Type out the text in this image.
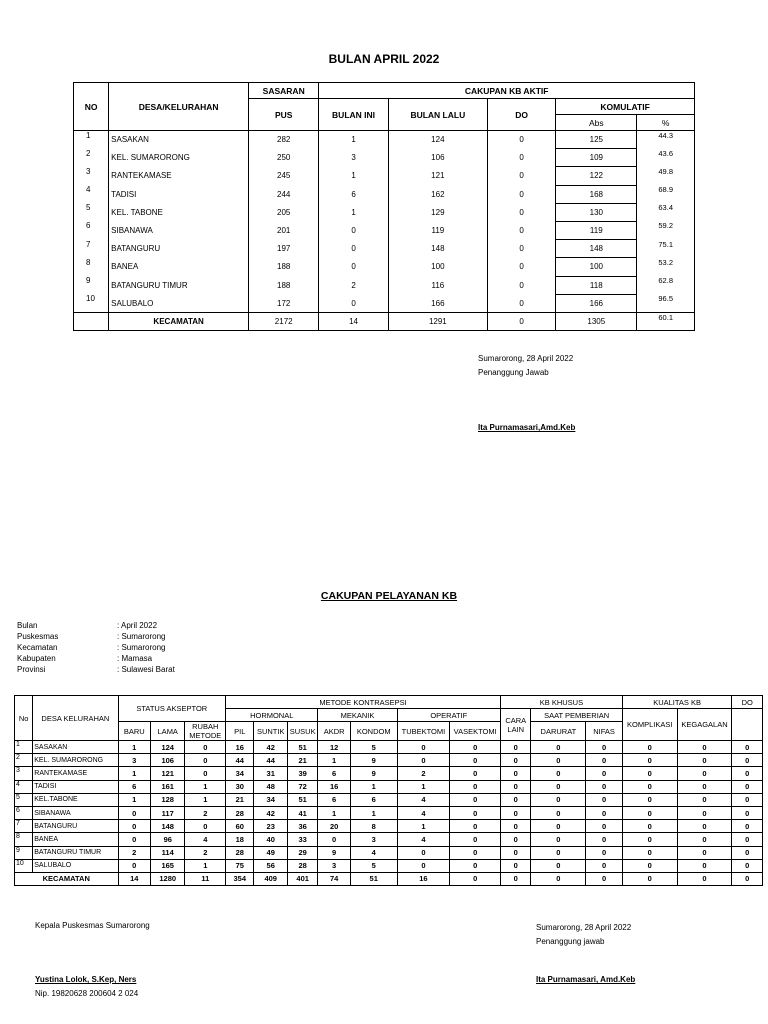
BULAN APRIL 2022
NO	DESA/KELURAHAN	SASARAN	CAKUPAN KB AKTIF				
		PUS	BULAN INI	BULAN LALU	DO	KOMULATIF	
						Abs	%
1	SASAKAN	282	1	124	0	125	44.3
2	KEL. SUMARORONG	250	3	106	0	109	43.6
3	RANTEKAMASE	245	1	121	0	122	49.8
4	TADISI	244	6	162	0	168	68.9
5	KEL. TABONE	205	1	129	0	130	63.4
6	SIBANAWA	201	0	119	0	119	59.2
7	BATANGURU	197	0	148	0	148	75.1
8	BANEA	188	0	100	0	100	53.2
9	BATANGURU TIMUR	188	2	116	0	118	62.8
10	SALUBALO	172	0	166	0	166	96.5
	KECAMATAN	2172	14	1291	0	1305	60.1
Sumarorong, 28 April 2022
Penanggung Jawab
Ita Purnamasari,Amd.Keb
CAKUPAN PELAYANAN KB
Bulan	: April 2022
Puskesmas	: Sumarorong
Kecamatan	: Sumarorong
Kabupaten	: Mamasa
Provinsi	: Sulawesi Barat
No	DESA KELURAHAN	STATUS AKSEPTOR			METODE KONTRASEPSI							KB KHUSUS			KUALITAS KB		DO
					HORMONAL			MEKANIK		OPERATIF		CARA LAIN	SAAT PEMBERIAN		KOMPLIKASI	KEGAGALAN	
		BARU	LAMA	RUBAH METODE	PIL	SUNTIK	SUSUK	AKDR	KONDOM	TUBEKTOMI	VASEKTOMI		DARURAT	NIFAS			

1	SASAKAN	1	124	0	16	42	51	12	5	0	0	0	0	0	0	0	0
2	KEL. SUMARORONG	3	106	0	44	44	21	1	9	0	0	0	0	0	0	0	0
3	RANTEKAMASE	1	121	0	34	31	39	6	9	2	0	0	0	0	0	0	0
4	TADISI	6	161	1	30	48	72	16	1	1	0	0	0	0	0	0	0
5	KEL.TABONE	1	128	1	21	34	51	6	6	4	0	0	0	0	0	0	0
6	SIBANAWA	0	117	2	28	42	41	1	1	4	0	0	0	0	0	0	0
7	BATANGURU	0	148	0	60	23	36	20	8	1	0	0	0	0	0	0	0
8	BANEA	0	96	4	18	40	33	0	3	4	0	0	0	0	0	0	0
9	BATANGURU TIMUR	2	114	2	28	49	29	9	4	0	0	0	0	0	0	0	0
10	SALUBALO	0	165	1	75	56	28	3	5	0	0	0	0	0	0	0	0
KECAMATAN		14	1280	11	354	409	401	74	51	16	0	0	0	0	0	0	0
Kepala Puskesmas Sumarorong
Yustina Lolok, S.Kep, Ners
Nip. 19820628 200604 2 024
Sumarorong, 28 April 2022
Penanggung jawab
Ita Purnamasari, Amd.Keb
